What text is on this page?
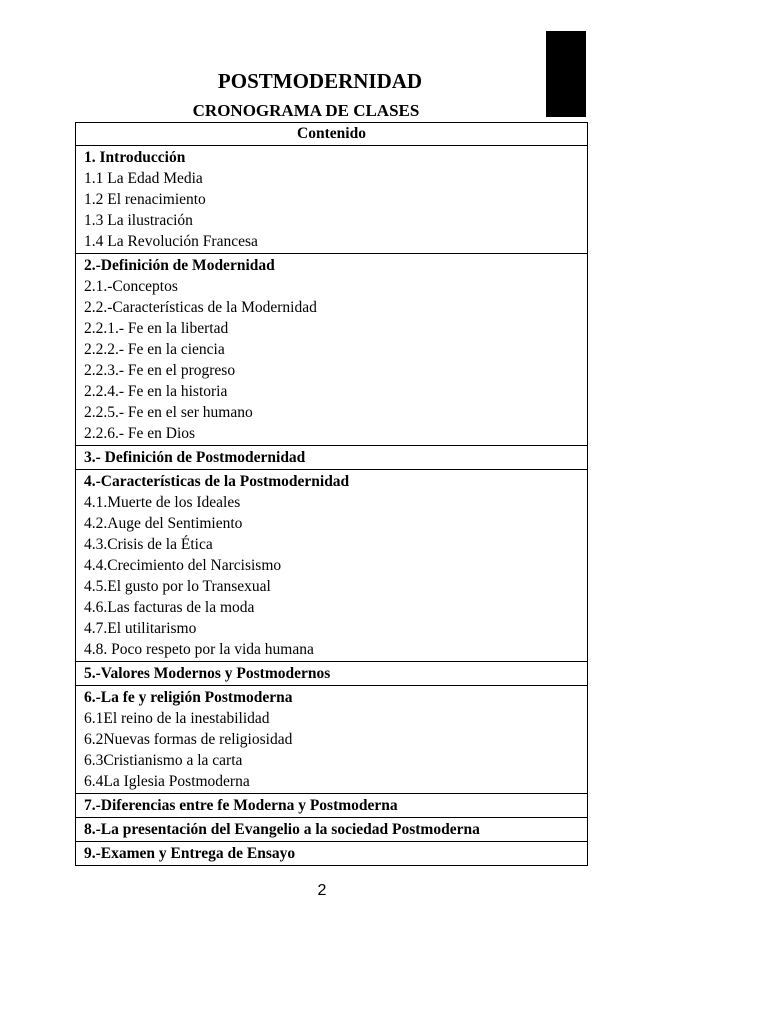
POSTMODERNIDAD
CRONOGRAMA DE CLASES
Contenido

1. Introducción
1.1 La Edad Media
1.2 El renacimiento
1.3 La ilustración
1.4 La Revolución Francesa

2.-Definición de Modernidad
2.1.-Conceptos
2.2.-Características de la Modernidad
2.2.1.- Fe en la libertad
2.2.2.- Fe en la ciencia
2.2.3.- Fe en el progreso
2.2.4.- Fe en la historia
2.2.5.- Fe en el ser humano
2.2.6.- Fe en Dios

3.- Definición de Postmodernidad

4.-Características de la Postmodernidad
4.1.Muerte de los Ideales
4.2.Auge del Sentimiento
4.3.Crisis de la Ética
4.4.Crecimiento del Narcisismo
4.5.El gusto por lo Transexual
4.6.Las facturas de la moda
4.7.El utilitarismo
4.8. Poco respeto por la vida humana

5.-Valores Modernos y Postmodernos

6.-La fe y religión Postmoderna
6.1El reino de la inestabilidad
6.2Nuevas formas de religiosidad
6.3Cristianismo a la carta
6.4La Iglesia Postmoderna

7.-Diferencias entre fe Moderna y Postmoderna

8.-La presentación del Evangelio a la sociedad Postmoderna

9.-Examen y Entrega de Ensayo
2
